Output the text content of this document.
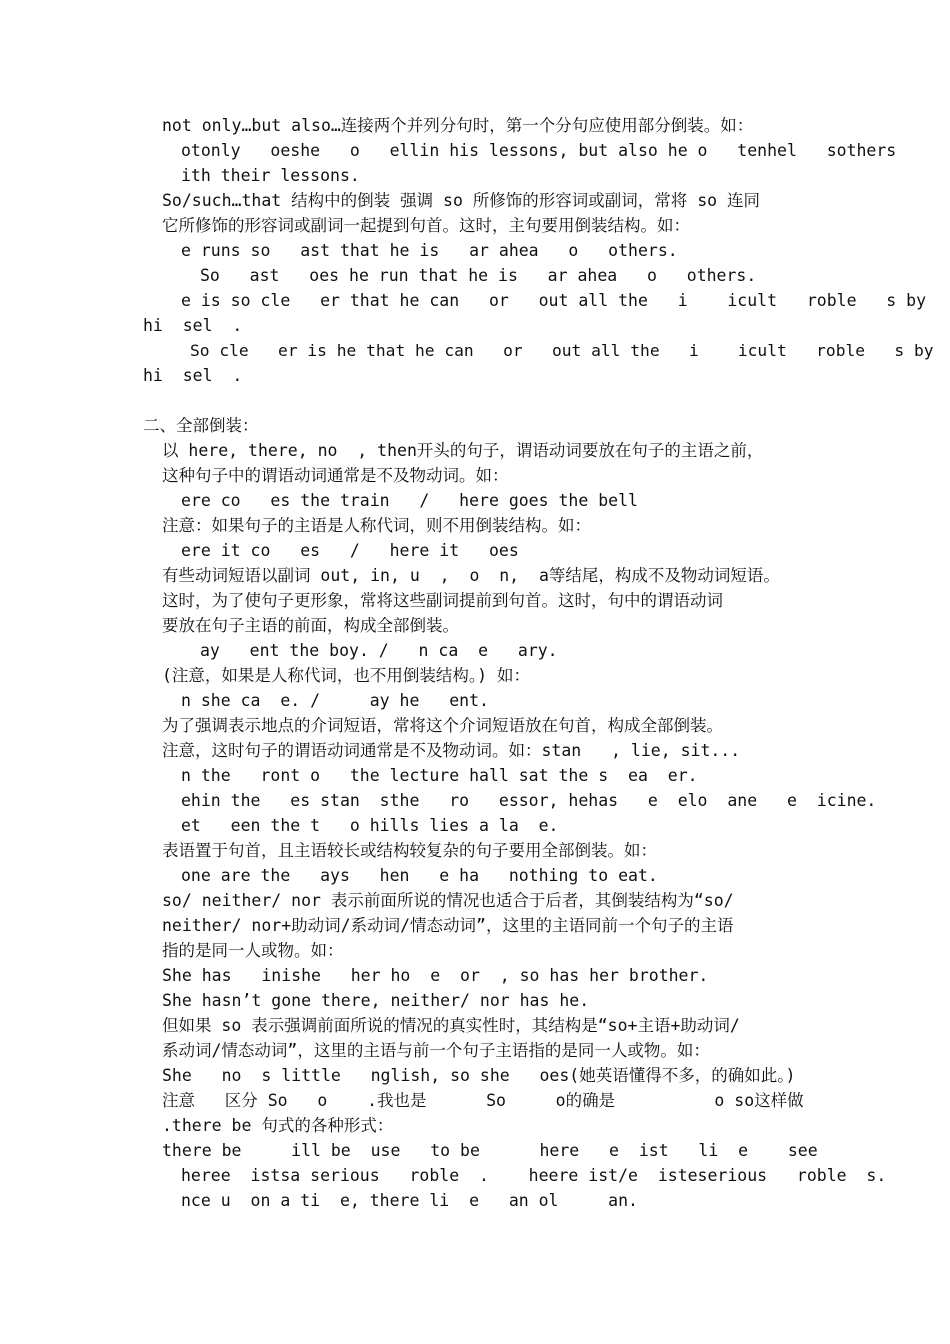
not only…but also…连接两个并列分句时，第一个分句应使用部分倒装。如：
otonly   oeshe   o   ellin his lessons, but also he o   tenhel   sothers
ith their lessons.
So/such…that 结构中的倒装 强调 so 所修饰的形容词或副词，常将 so 连同
它所修饰的形容词或副词一起提到句首。这时，主句要用倒装结构。如：
e runs so   ast that he is   ar ahea   o   others.
So   ast   oes he run that he is   ar ahea   o   others.
e is so cle   er that he can   or   out all the   i    icult   roble   s by
hi  sel  .
So cle   er is he that he can   or   out all the   i    icult   roble   s by
hi  sel  .
二、全部倒装：
以 here, there, no  , then开头的句子，谓语动词要放在句子的主语之前，
这种句子中的谓语动词通常是不及物动词。如：
ere co   es the train   /   here goes the bell
注意：如果句子的主语是人称代词，则不用倒装结构。如：
ere it co   es   /   here it   oes
有些动词短语以副词 out, in, u  ,  o  n,  a等结尾，构成不及物动词短语。
这时，为了使句子更形象，常将这些副词提前到句首。这时，句中的谓语动词
要放在句子主语的前面，构成全部倒装。
ay   ent the boy. /   n ca  e   ary.
(注意，如果是人称代词，也不用倒装结构。) 如：
n she ca  e. /     ay he   ent.
为了强调表示地点的介词短语，常将这个介词短语放在句首，构成全部倒装。
注意，这时句子的谓语动词通常是不及物动词。如：stan   , lie, sit...
n the   ront o   the lecture hall sat the s  ea  er.
ehin the   es stan  sthe   ro   essor, hehas   e  elo  ane   e  icine.
et   een the t   o hills lies a la  e.
表语置于句首，且主语较长或结构较复杂的句子要用全部倒装。如：
one are the   ays   hen   e ha   nothing to eat.
so/ neither/ nor 表示前面所说的情况也适合于后者，其倒装结构为“so/
neither/ nor+助动词/系动词/情态动词”，这里的主语同前一个句子的主语
指的是同一人或物。如：
She has   inishe   her ho  e  or  , so has her brother.
She hasn’t gone there, neither/ nor has he.
但如果 so 表示强调前面所说的情况的真实性时，其结构是“so+主语+助动词/
系动词/情态动词”，这里的主语与前一个句子主语指的是同一人或物。如：
She   no  s little   nglish, so she   oes(她英语懂得不多，的确如此。)
注意   区分 So   o    .我也是      So     o的确是          o so这样做
.there be 句式的各种形式：
there be     ill be  use   to be      here   e  ist   li  e    see
heree  istsa serious   roble  .    heere ist/e  isteserious   roble  s.
nce u  on a ti  e, there li  e   an ol     an.
